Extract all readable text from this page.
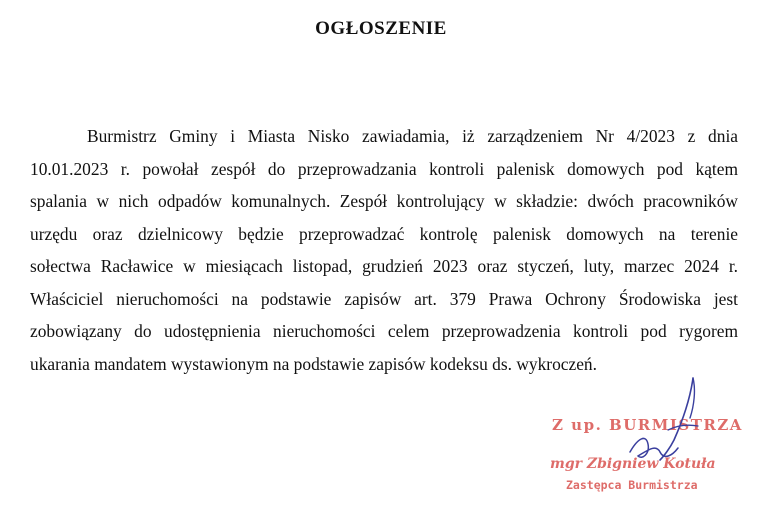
OGŁOSZENIE
Burmistrz Gminy i Miasta Nisko zawiadamia, iż zarządzeniem Nr 4/2023 z dnia
10.01.2023 r. powołał zespół do przeprowadzania kontroli palenisk domowych pod kątem
spalania w nich odpadów komunalnych. Zespół kontrolujący w składzie: dwóch pracowników
urzędu oraz dzielnicowy będzie przeprowadzać kontrolę palenisk domowych na terenie
sołectwa Racławice w miesiącach listopad, grudzień 2023 oraz styczeń, luty, marzec 2024 r.
Właściciel nieruchomości na podstawie zapisów art. 379 Prawa Ochrony Środowiska jest
zobowiązany do udostępnienia nieruchomości celem przeprowadzenia kontroli pod rygorem
ukarania mandatem wystawionym na podstawie zapisów kodeksu ds. wykroczeń.
Z up. BURMISTRZA
mgr Zbigniew Kotuła
Zastępca Burmistrza
